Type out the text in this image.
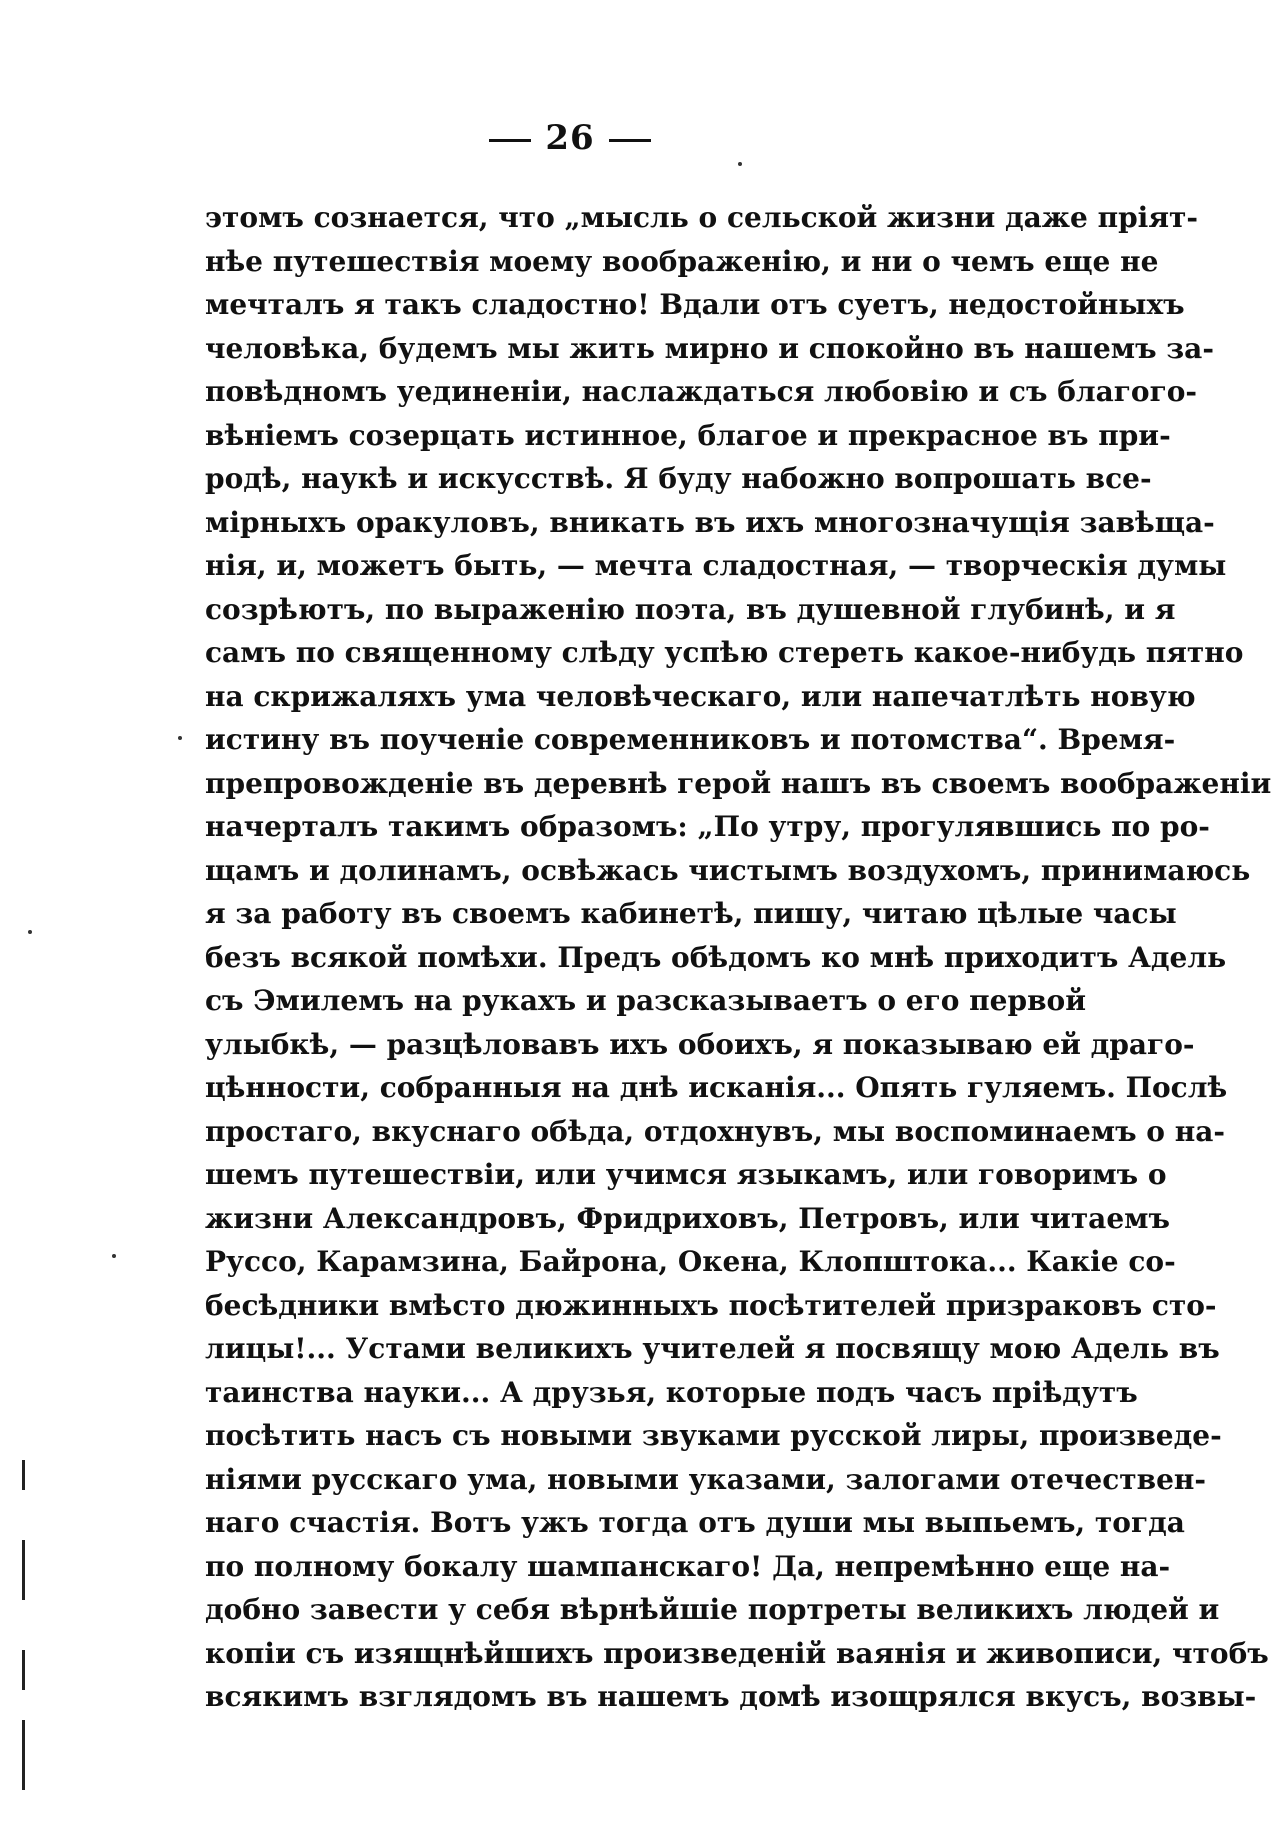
26
этомъ сознается, что „мысль о сельской жизни даже пріят-
нѣе путешествія моему воображенію, и ни о чемъ еще не
мечталъ я такъ сладостно! Вдали отъ суетъ, недостойныхъ
человѣка, будемъ мы жить мирно и спокойно въ нашемъ за-
повѣдномъ уединеніи, наслаждаться любовію и съ благого-
вѣніемъ созерцать истинное, благое и прекрасное въ при-
родѣ, наукѣ и искусствѣ. Я буду набожно вопрошать все-
мірныхъ оракуловъ, вникать въ ихъ многозначущія завѣща-
нія, и, можетъ быть, — мечта сладостная, — творческія думы
созрѣютъ, по выраженію поэта, въ душевной глубинѣ, и я
самъ по священному слѣду успѣю стереть какое-нибудь пятно
на скрижаляхъ ума человѣческаго, или напечатлѣть новую
истину въ поученіе современниковъ и потомства“. Время-
препровожденіе въ деревнѣ герой нашъ въ своемъ воображеніи
начерталъ такимъ образомъ: „По утру, прогулявшись по ро-
щамъ и долинамъ, освѣжась чистымъ воздухомъ, принимаюсь
я за работу въ своемъ кабинетѣ, пишу, читаю цѣлые часы
безъ всякой помѣхи. Предъ обѣдомъ ко мнѣ приходитъ Адель
съ Эмилемъ на рукахъ и разсказываетъ о его первой
улыбкѣ, — разцѣловавъ ихъ обоихъ, я показываю ей драго-
цѣнности, собранныя на днѣ исканія... Опять гуляемъ. Послѣ
простаго, вкуснаго обѣда, отдохнувъ, мы воспоминаемъ о на-
шемъ путешествіи, или учимся языкамъ, или говоримъ о
жизни Александровъ, Фридриховъ, Петровъ, или читаемъ
Руссо, Карамзина, Байрона, Окена, Клопштока... Какіе со-
бесѣдники вмѣсто дюжинныхъ посѣтителей призраковъ сто-
лицы!... Устами великихъ учителей я посвящу мою Адель въ
таинства науки... А друзья, которые подъ часъ пріѣдутъ
посѣтить насъ съ новыми звуками русской лиры, произведе-
ніями русскаго ума, новыми указами, залогами отечествен-
наго счастія. Вотъ ужъ тогда отъ души мы выпьемъ, тогда
по полному бокалу шампанскаго! Да, непремѣнно еще на-
добно завести у себя вѣрнѣйшіе портреты великихъ людей и
копіи съ изящнѣйшихъ произведеній ваянія и живописи, чтобъ
всякимъ взглядомъ въ нашемъ домѣ изощрялся вкусъ, возвы-
